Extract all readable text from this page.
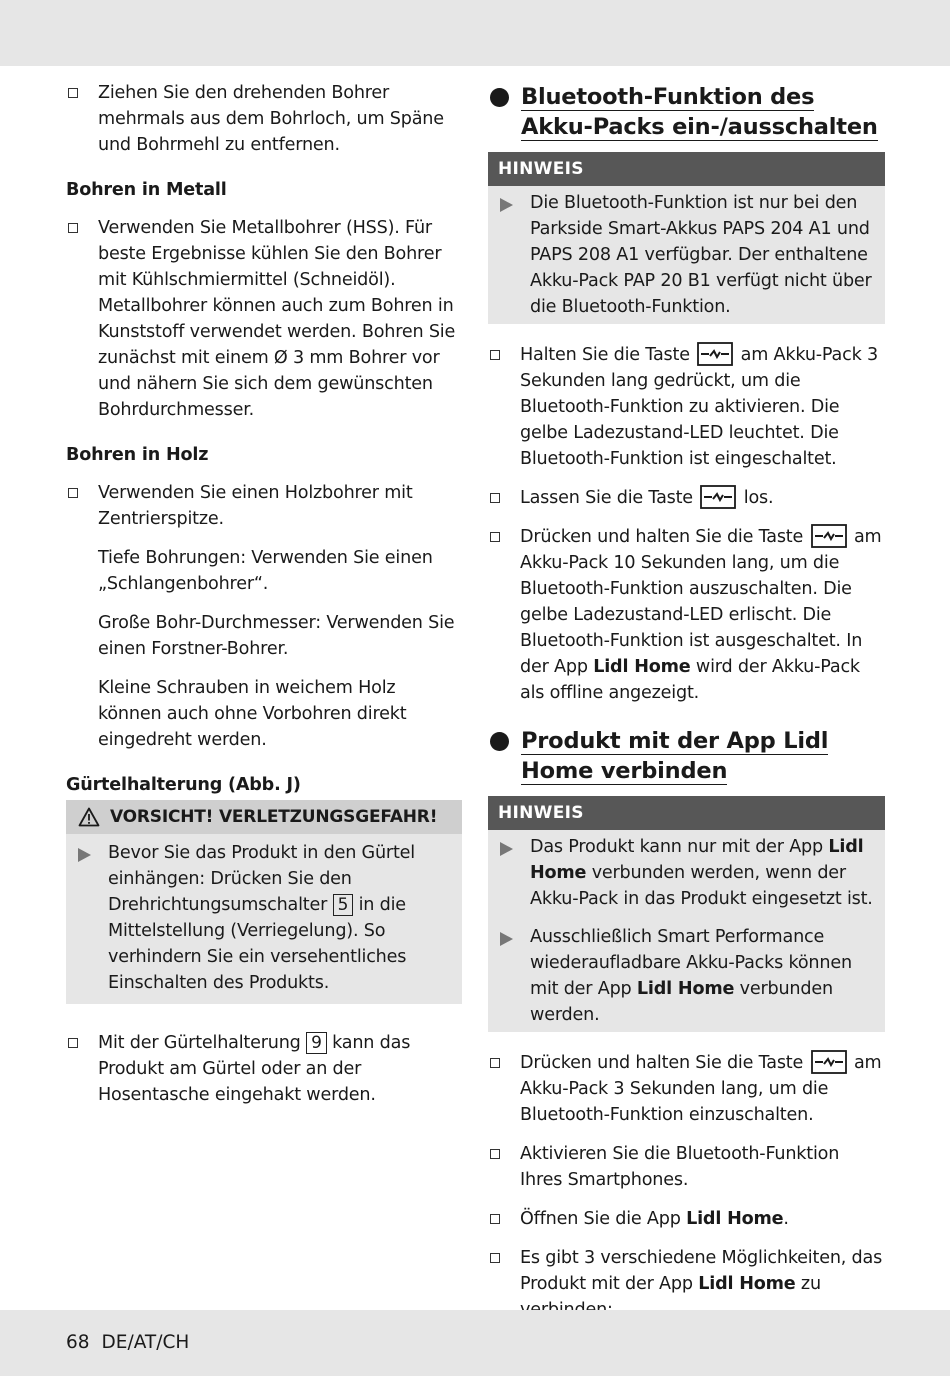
Ziehen Sie den drehenden Bohrer mehrmals aus dem Bohrloch, um Späne und Bohrmehl zu entfernen.
Bohren in Metall
Verwenden Sie Metallbohrer (HSS). Für beste Ergebnisse kühlen Sie den Bohrer mit Kühlschmiermittel (Schneidöl). Metallbohrer können auch zum Bohren in Kunststoff verwendet werden. Bohren Sie zunächst mit einem Ø 3 mm Bohrer vor und nähern Sie sich dem gewünschten Bohrdurchmesser.
Bohren in Holz
Verwenden Sie einen Holzbohrer mit Zentrierspitze.
Tiefe Bohrungen: Verwenden Sie einen „Schlangenbohrer“.
Große Bohr-Durchmesser: Verwenden Sie einen Forstner-Bohrer.
Kleine Schrauben in weichem Holz können auch ohne Vorbohren direkt eingedreht werden.
Gürtelhalterung (Abb. J)
VORSICHT! VERLETZUNGSGEFAHR!
Bevor Sie das Produkt in den Gürtel einhängen: Drücken Sie den Drehrichtungsumschalter 5 in die Mittelstellung (Verriegelung). So verhindern Sie ein versehentliches Einschalten des Produkts.
Mit der Gürtelhalterung 9 kann das Produkt am Gürtel oder an der Hosentasche eingehakt werden.
Bluetooth-Funktion des Akku-Packs ein-/ausschalten
HINWEIS
Die Bluetooth-Funktion ist nur bei den Parkside Smart-Akkus PAPS 204 A1 und PAPS 208 A1 verfügbar. Der enthaltene Akku-Pack PAP 20 B1 verfügt nicht über die Bluetooth-Funktion.
Halten Sie die Taste	am Akku-Pack 3 Sekunden lang gedrückt, um die Bluetooth-Funktion zu aktivieren. Die gelbe Ladezustand-LED leuchtet. Die Bluetooth-Funktion ist eingeschaltet.
Lassen Sie die Taste	los.
Drücken und halten Sie die Taste	am Akku-Pack 10 Sekunden lang, um die Bluetooth-Funktion auszuschalten. Die gelbe Ladezustand-LED erlischt. Die Bluetooth-Funktion ist ausgeschaltet. In der App Lidl Home wird der Akku-Pack als offline angezeigt.
Produkt mit der App Lidl Home verbinden
HINWEIS
Das Produkt kann nur mit der App Lidl Home verbunden werden, wenn der Akku-Pack in das Produkt eingesetzt ist.
Ausschließlich Smart Performance wiederaufladbare Akku-Packs können mit der App Lidl Home verbunden werden.
Drücken und halten Sie die Taste	am Akku-Pack 3 Sekunden lang, um die Bluetooth-Funktion einzuschalten.
Aktivieren Sie die Bluetooth-Funktion Ihres Smartphones.
Öffnen Sie die App Lidl Home.
Es gibt 3 verschiedene Möglichkeiten, das Produkt mit der App Lidl Home zu
68 DE/AT/CH
